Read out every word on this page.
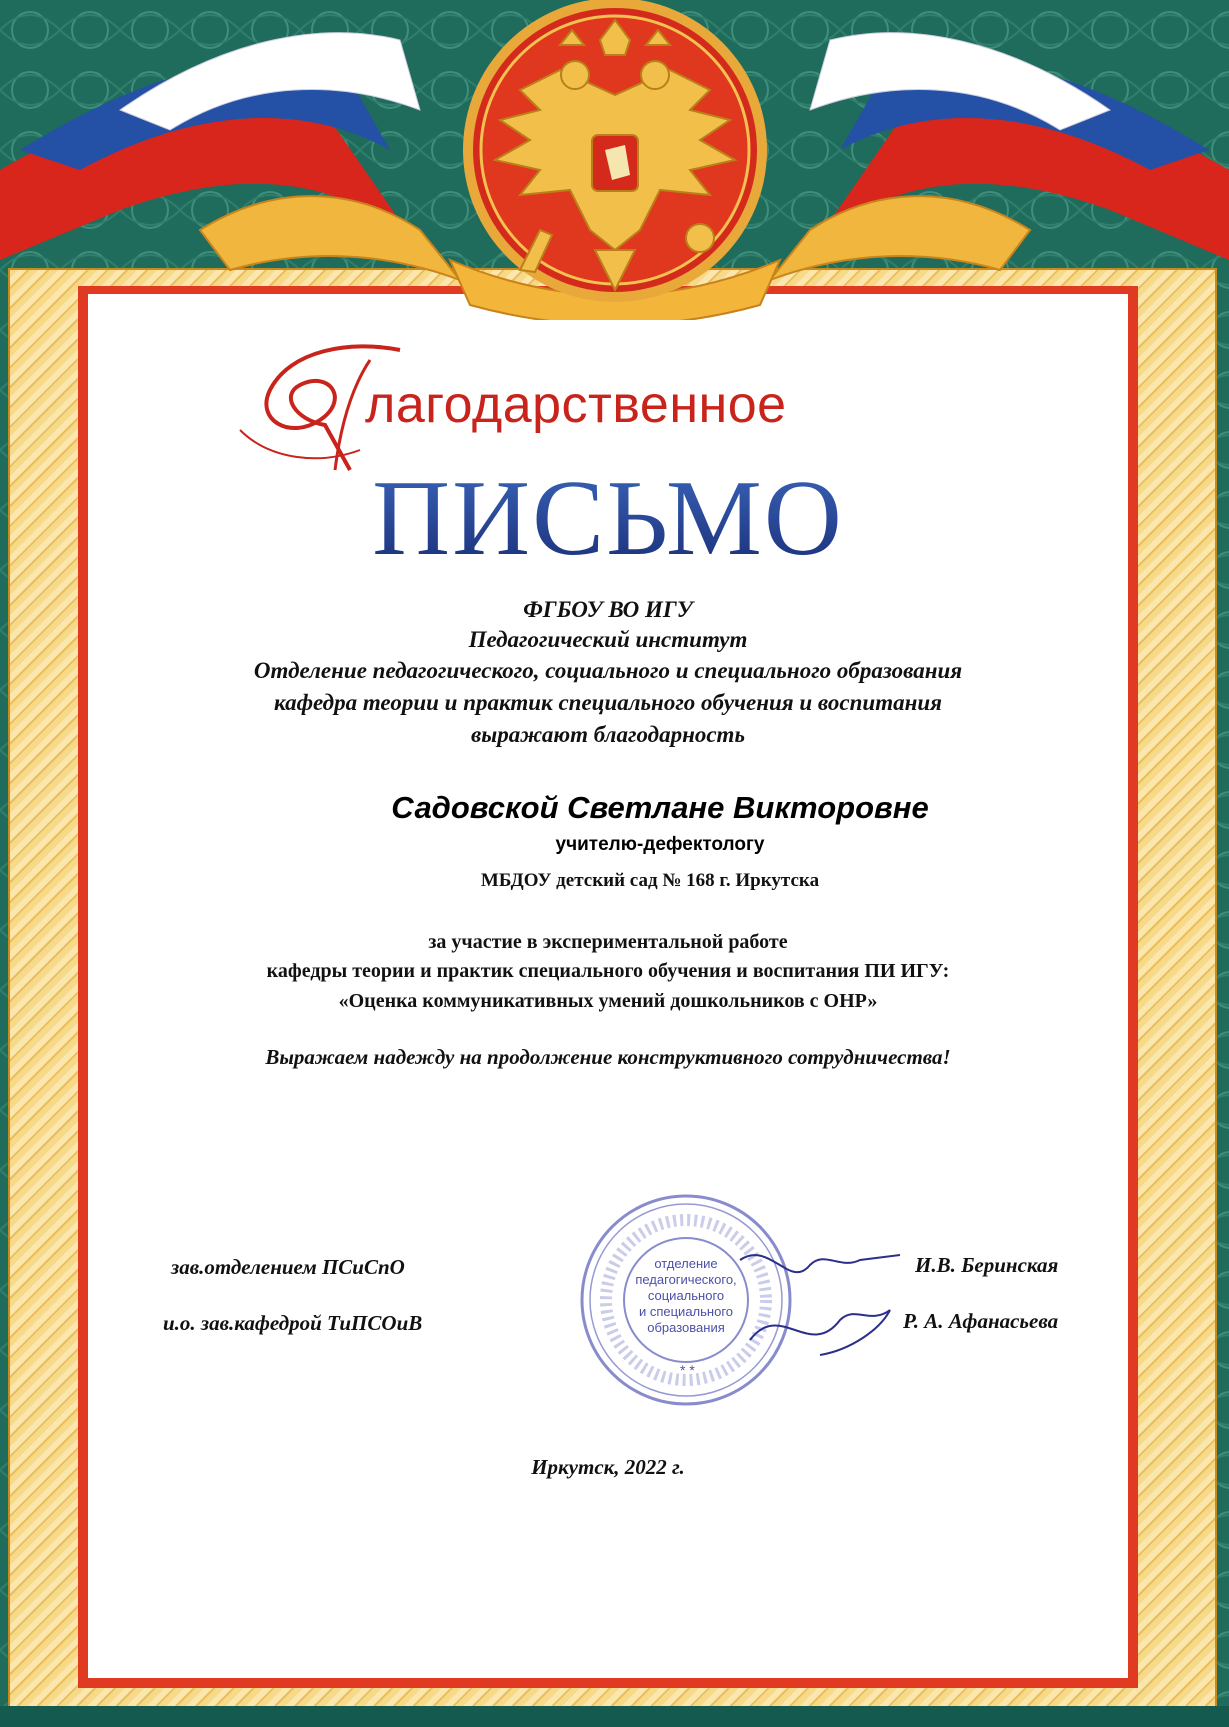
лагодарственное

ПИСЬМО

ФГБОУ ВО ИГУ

Педагогический институт

Отделение педагогического, социального и специального образования

кафедра теории и практик специального обучения и воспитания

выражают благодарность

Садовской Светлане Викторовне

учителю-дефектологу

МБДОУ детский сад № 168 г. Иркутска

за участие в экспериментальной работе

кафедры теории и практик специального обучения и воспитания ПИ ИГУ:

«Оценка коммуникативных умений дошкольников с ОНР»

Выражаем надежду на продолжение конструктивного сотрудничества!

отделение
педагогического,
социального
и специального
образования
* *

зав.отделением ПСиСпО	И.В. Беринская

и.о. зав.кафедрой ТиПСОиВ	Р. А. Афанасьева

Иркутск, 2022 г.
